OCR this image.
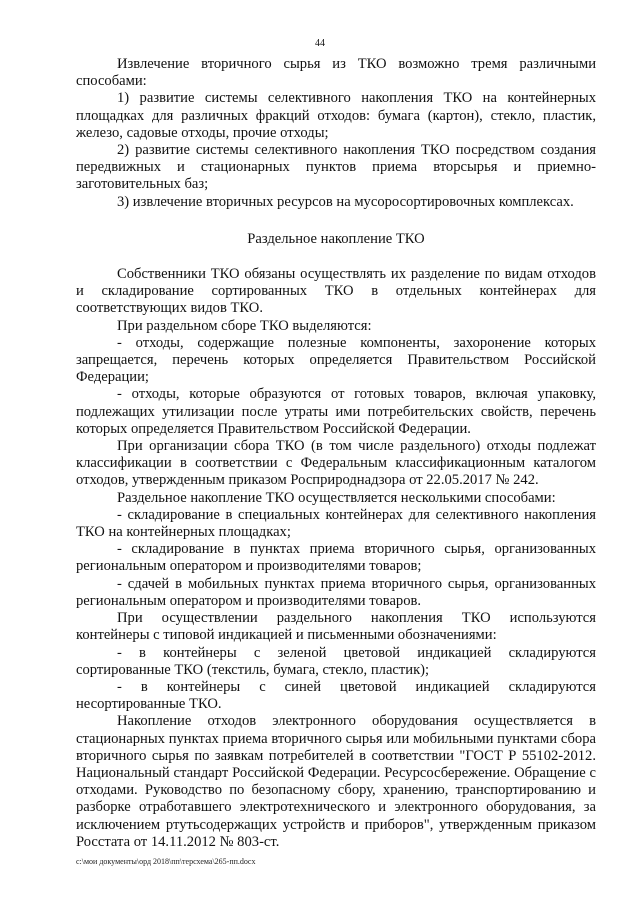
44

Извлечение вторичного сырья из ТКО возможно тремя различными способами:

1) развитие системы селективного накопления ТКО на контейнерных площадках для различных фракций отходов: бумага (картон), стекло, пластик, железо, садовые отходы, прочие отходы;

2) развитие системы селективного накопления ТКО посредством создания передвижных и стационарных пунктов приема вторсырья и приемно-заготовительных баз;

3) извлечение вторичных ресурсов на мусоросортировочных комплексах.

Раздельное накопление ТКО

Собственники ТКО обязаны осуществлять их разделение по видам отходов и складирование сортированных ТКО в отдельных контейнерах для соответствующих видов ТКО.

При раздельном сборе ТКО выделяются:

- отходы, содержащие полезные компоненты, захоронение которых запрещается, перечень которых определяется Правительством Российской Федерации;

- отходы, которые образуются от готовых товаров, включая упаковку, подлежащих утилизации после утраты ими потребительских свойств, перечень которых определяется Правительством Российской Федерации.

При организации сбора ТКО (в том числе раздельного) отходы подлежат классификации в соответствии с Федеральным классификационным каталогом отходов, утвержденным приказом Росприроднадзора от 22.05.2017 № 242.

Раздельное накопление ТКО осуществляется несколькими способами:

- складирование в специальных контейнерах для селективного накопления ТКО на контейнерных площадках;

- складирование в пунктах приема вторичного сырья, организованных региональным оператором и производителями товаров;

- сдачей в мобильных пунктах приема вторичного сырья, организованных региональным оператором и производителями товаров.

При осуществлении раздельного накопления ТКО используются контейнеры с типовой индикацией и письменными обозначениями:

- в контейнеры с зеленой цветовой индикацией складируются сортированные ТКО (текстиль, бумага, стекло, пластик);

- в контейнеры с синей цветовой индикацией складируются несортированные ТКО.

Накопление отходов электронного оборудования осуществляется в стационарных пунктах приема вторичного сырья или мобильными пунктами сбора вторичного сырья по заявкам потребителей в соответствии "ГОСТ Р 55102-2012. Национальный стандарт Российской Федерации. Ресурсосбережение. Обращение с отходами. Руководство по безопасному сбору, хранению, транспортированию и разборке отработавшего электротехнического и электронного оборудования, за исключением ртутьсодержащих устройств и приборов", утвержденным приказом Росстата от 14.11.2012 № 803-ст.

c:\мои документы\орд 2018\пп\терсхема\265-пп.docx
